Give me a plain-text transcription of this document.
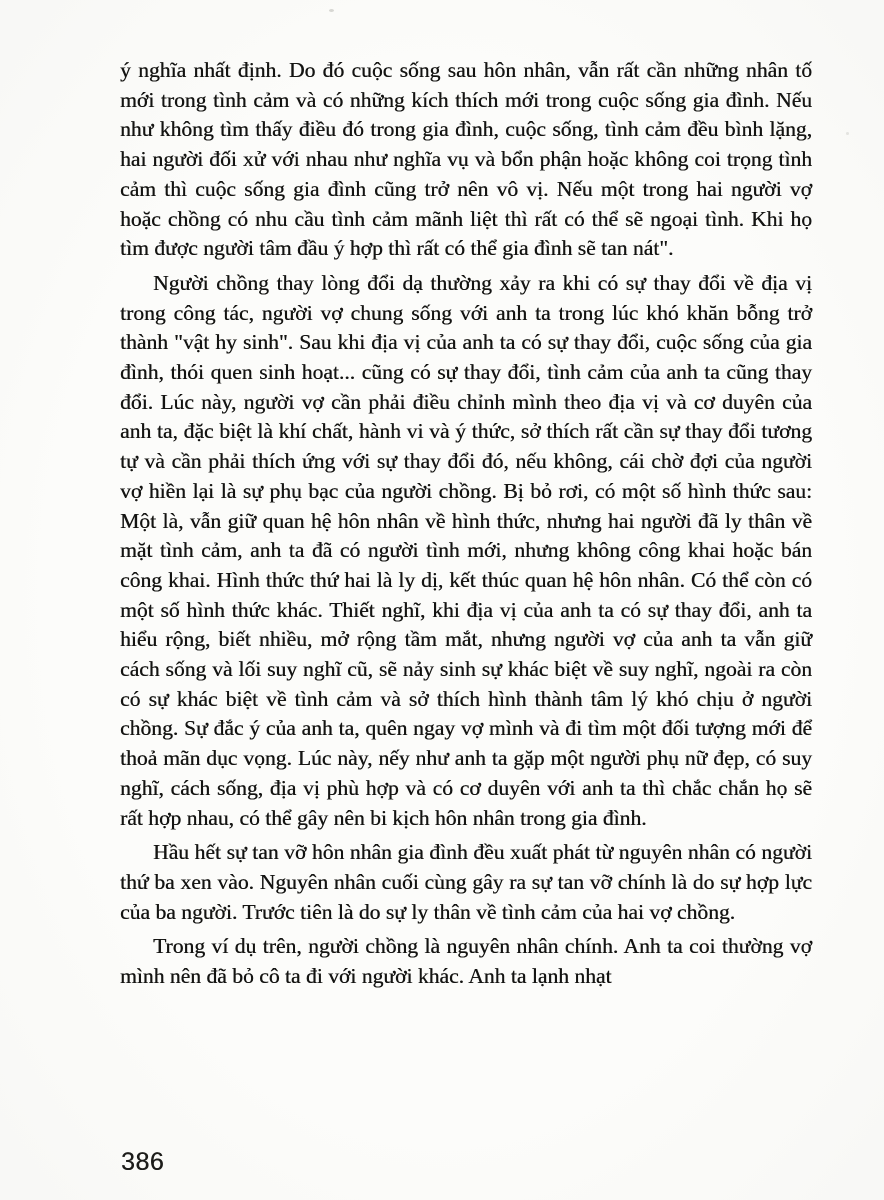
ý nghĩa nhất định. Do đó cuộc sống sau hôn nhân, vẫn rất cần những nhân tố mới trong tình cảm và có những kích thích mới trong cuộc sống gia đình. Nếu như không tìm thấy điều đó trong gia đình, cuộc sống, tình cảm đều bình lặng, hai người đối xử với nhau như nghĩa vụ và bổn phận hoặc không coi trọng tình cảm thì cuộc sống gia đình cũng trở nên vô vị. Nếu một trong hai người vợ hoặc chồng có nhu cầu tình cảm mãnh liệt thì rất có thể sẽ ngoại tình. Khi họ tìm được người tâm đầu ý hợp thì rất có thể gia đình sẽ tan nát".

Người chồng thay lòng đổi dạ thường xảy ra khi có sự thay đổi về địa vị trong công tác, người vợ chung sống với anh ta trong lúc khó khăn bỗng trở thành "vật hy sinh". Sau khi địa vị của anh ta có sự thay đổi, cuộc sống của gia đình, thói quen sinh hoạt... cũng có sự thay đổi, tình cảm của anh ta cũng thay đổi. Lúc này, người vợ cần phải điều chỉnh mình theo địa vị và cơ duyên của anh ta, đặc biệt là khí chất, hành vi và ý thức, sở thích rất cần sự thay đổi tương tự và cần phải thích ứng với sự thay đổi đó, nếu không, cái chờ đợi của người vợ hiền lại là sự phụ bạc của người chồng. Bị bỏ rơi, có một số hình thức sau: Một là, vẫn giữ quan hệ hôn nhân về hình thức, nhưng hai người đã ly thân về mặt tình cảm, anh ta đã có người tình mới, nhưng không công khai hoặc bán công khai. Hình thức thứ hai là ly dị, kết thúc quan hệ hôn nhân. Có thể còn có một số hình thức khác. Thiết nghĩ, khi địa vị của anh ta có sự thay đổi, anh ta hiểu rộng, biết nhiều, mở rộng tầm mắt, nhưng người vợ của anh ta vẫn giữ cách sống và lối suy nghĩ cũ, sẽ nảy sinh sự khác biệt về suy nghĩ, ngoài ra còn có sự khác biệt về tình cảm và sở thích hình thành tâm lý khó chịu ở người chồng. Sự đắc ý của anh ta, quên ngay vợ mình và đi tìm một đối tượng mới để thoả mãn dục vọng. Lúc này, nếy như anh ta gặp một người phụ nữ đẹp, có suy nghĩ, cách sống, địa vị phù hợp và có cơ duyên với anh ta thì chắc chắn họ sẽ rất hợp nhau, có thể gây nên bi kịch hôn nhân trong gia đình.

Hầu hết sự tan vỡ hôn nhân gia đình đều xuất phát từ nguyên nhân có người thứ ba xen vào. Nguyên nhân cuối cùng gây ra sự tan vỡ chính là do sự hợp lực của ba người. Trước tiên là do sự ly thân về tình cảm của hai vợ chồng.

Trong ví dụ trên, người chồng là nguyên nhân chính. Anh ta coi thường vợ mình nên đã bỏ cô ta đi với người khác. Anh ta lạnh nhạt

386
